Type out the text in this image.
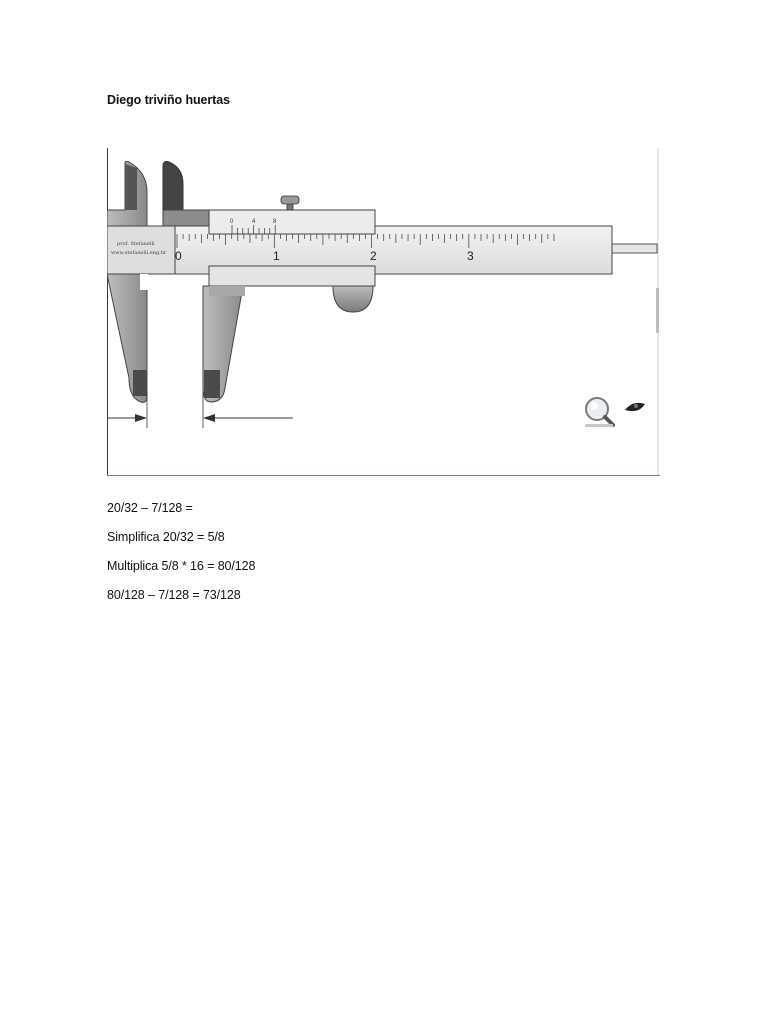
Diego triviño huertas
prof. Stefanelli
www.stefanelli.eng.br 0	1	2	3
0	4	8
20/32 – 7/128 =
Simplifica 20/32 = 5/8
Multiplica 5/8 * 16 = 80/128
80/128 – 7/128 = 73/128
